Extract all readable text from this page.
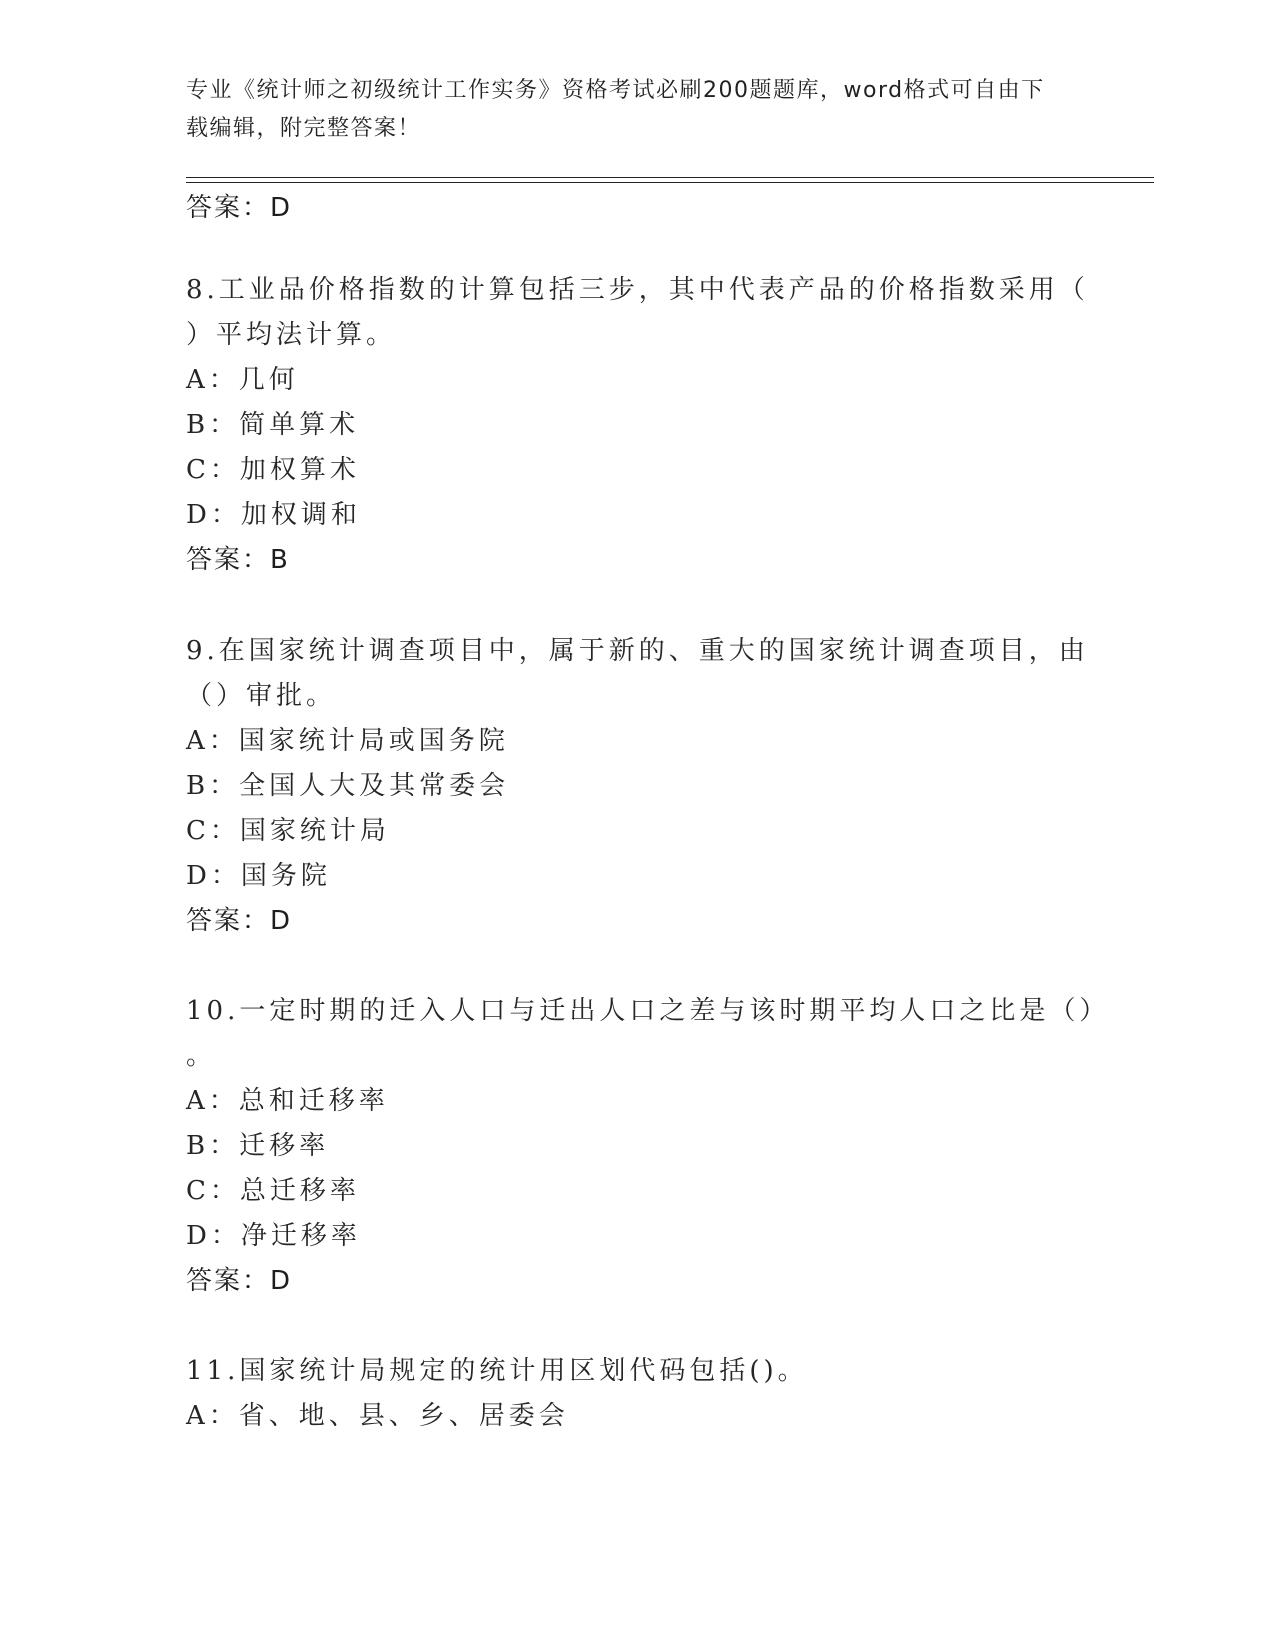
专业《统计师之初级统计工作实务》资格考试必刷200题题库，word格式可自由下载编辑，附完整答案！
答案：D
8.工业品价格指数的计算包括三步，其中代表产品的价格指数采用（
）平均法计算。
A：几何
B：简单算术
C：加权算术
D：加权调和
答案：B
9.在国家统计调查项目中，属于新的、重大的国家统计调查项目，由
（）审批。
A：国家统计局或国务院
B：全国人大及其常委会
C：国家统计局
D：国务院
答案：D
10.一定时期的迁入人口与迁出人口之差与该时期平均人口之比是（）
。
A：总和迁移率
B：迁移率
C：总迁移率
D：净迁移率
答案：D
11.国家统计局规定的统计用区划代码包括()。
A：省、地、县、乡、居委会
